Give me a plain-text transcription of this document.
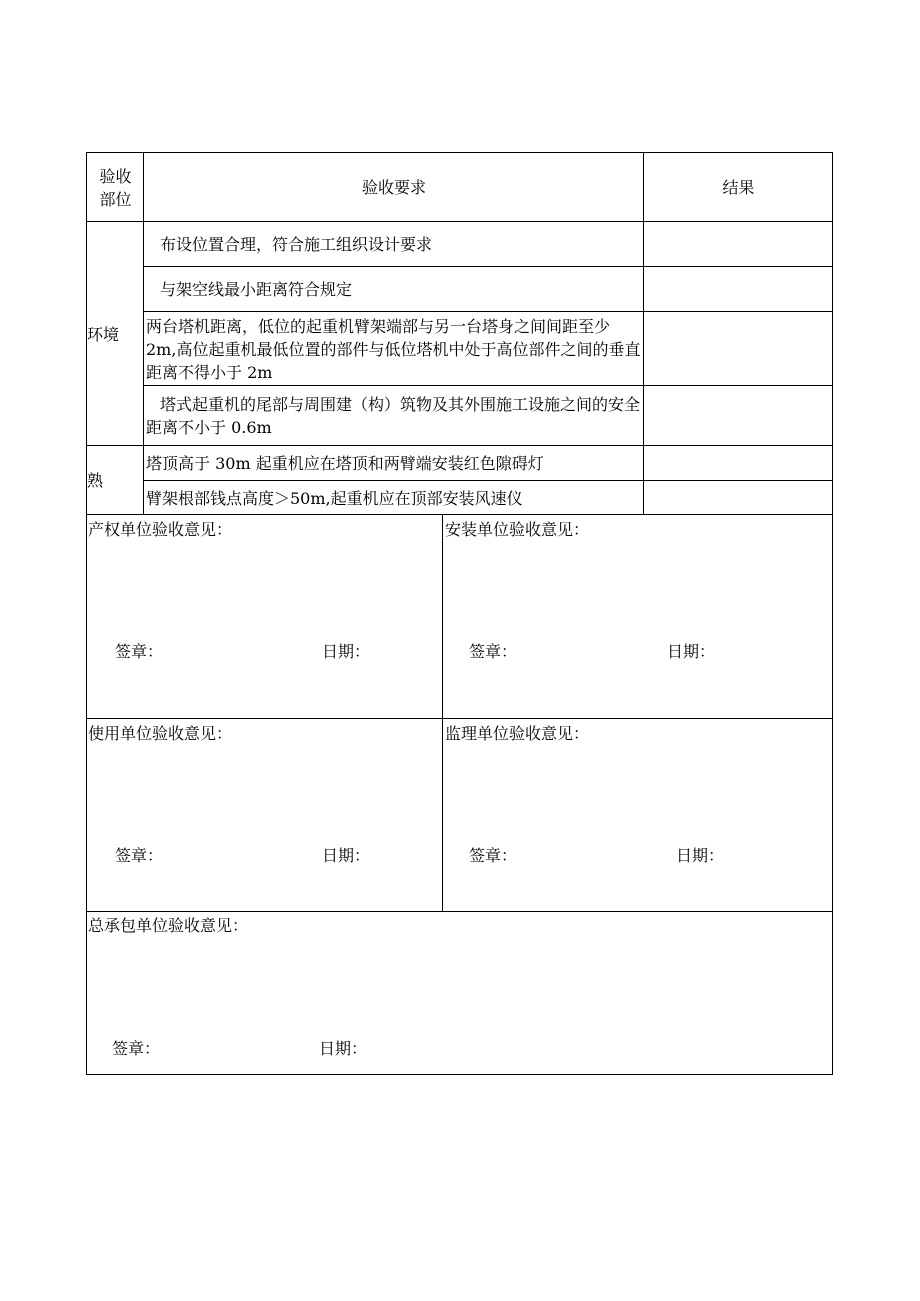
验收
部位
验收要求	结果
环境
布设位置合理，符合施工组织设计要求
与架空线最小距离符合规定
两台塔机距离，低位的起重机臂架端部与另一台塔身之间间距至少 2m,高位起重机最低位置的部件与低位塔机中处于高位部件之间的垂直距离不得小于 2m
塔式起重机的尾部与周围建（构）筑物及其外围施工设施之间的安全距离不小于 0.6m
熟
塔顶高于 30m 起重机应在塔顶和两臂端安装红色隙碍灯
臂架根部钱点高度＞50m,起重机应在顶部安装风速仪
产权单位验收意见：
签章：	日期：
安装单位验收意见：
签章：	日期：
使用单位验收意见：
签章：	日期：
监理单位验收意见：
签章：	日期：
总承包单位验收意见：
签章：	日期：
